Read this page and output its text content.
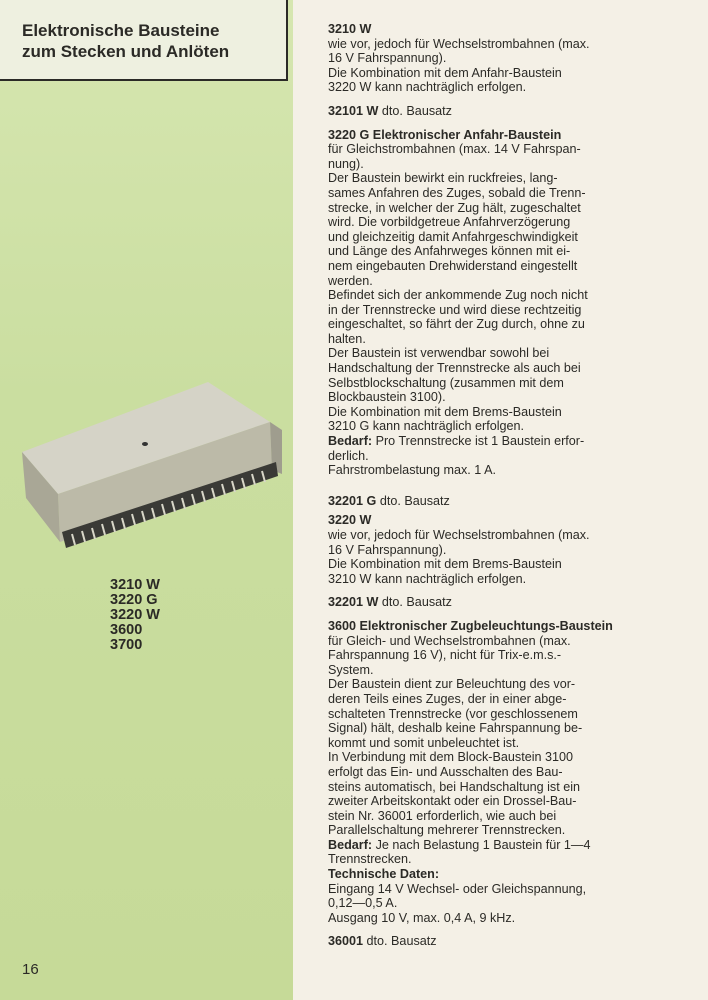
Elektronische Bausteine
zum Stecken und Anlöten
3210 W
3220 G
3220 W
3600
3700
16
3210 W
wie vor, jedoch für Wechselstrombahnen (max.
16 V Fahrspannung).
Die Kombination mit dem Anfahr-Baustein
3220 W kann nachträglich erfolgen.
32101 W dto. Bausatz
3220 G Elektronischer Anfahr-Baustein
für Gleichstrombahnen (max. 14 V Fahrspan-
nung).
Der Baustein bewirkt ein ruckfreies, lang-
sames Anfahren des Zuges, sobald die Trenn-
strecke, in welcher der Zug hält, zugeschaltet
wird. Die vorbildgetreue Anfahrverzögerung
und gleichzeitig damit Anfahrgeschwindigkeit
und Länge des Anfahrweges können mit ei-
nem eingebauten Drehwiderstand eingestellt
werden.
Befindet sich der ankommende Zug noch nicht
in der Trennstrecke und wird diese rechtzeitig
eingeschaltet, so fährt der Zug durch, ohne zu
halten.
Der Baustein ist verwendbar sowohl bei
Handschaltung der Trennstrecke als auch bei
Selbstblockschaltung (zusammen mit dem
Blockbaustein 3100).
Die Kombination mit dem Brems-Baustein
3210 G kann nachträglich erfolgen.
Bedarf: Pro Trennstrecke ist 1 Baustein erfor-
derlich.
Fahrstrombelastung max. 1 A.
32201 G dto. Bausatz
3220 W
wie vor, jedoch für Wechselstrombahnen (max.
16 V Fahrspannung).
Die Kombination mit dem Brems-Baustein
3210 W kann nachträglich erfolgen.
32201 W dto. Bausatz
3600 Elektronischer Zugbeleuchtungs-Baustein
für Gleich- und Wechselstrombahnen (max.
Fahrspannung 16 V), nicht für Trix-e.m.s.-
System.
Der Baustein dient zur Beleuchtung des vor-
deren Teils eines Zuges, der in einer abge-
schalteten Trennstrecke (vor geschlossenem
Signal) hält, deshalb keine Fahrspannung be-
kommt und somit unbeleuchtet ist.
In Verbindung mit dem Block-Baustein 3100
erfolgt das Ein- und Ausschalten des Bau-
steins automatisch, bei Handschaltung ist ein
zweiter Arbeitskontakt oder ein Drossel-Bau-
stein Nr. 36001 erforderlich, wie auch bei
Parallelschaltung mehrerer Trennstrecken.
Bedarf: Je nach Belastung 1 Baustein für 1—4
Trennstrecken.
Technische Daten:
Eingang 14 V Wechsel- oder Gleichspannung,
0,12—0,5 A.
Ausgang 10 V, max. 0,4 A, 9 kHz.
36001 dto. Bausatz
